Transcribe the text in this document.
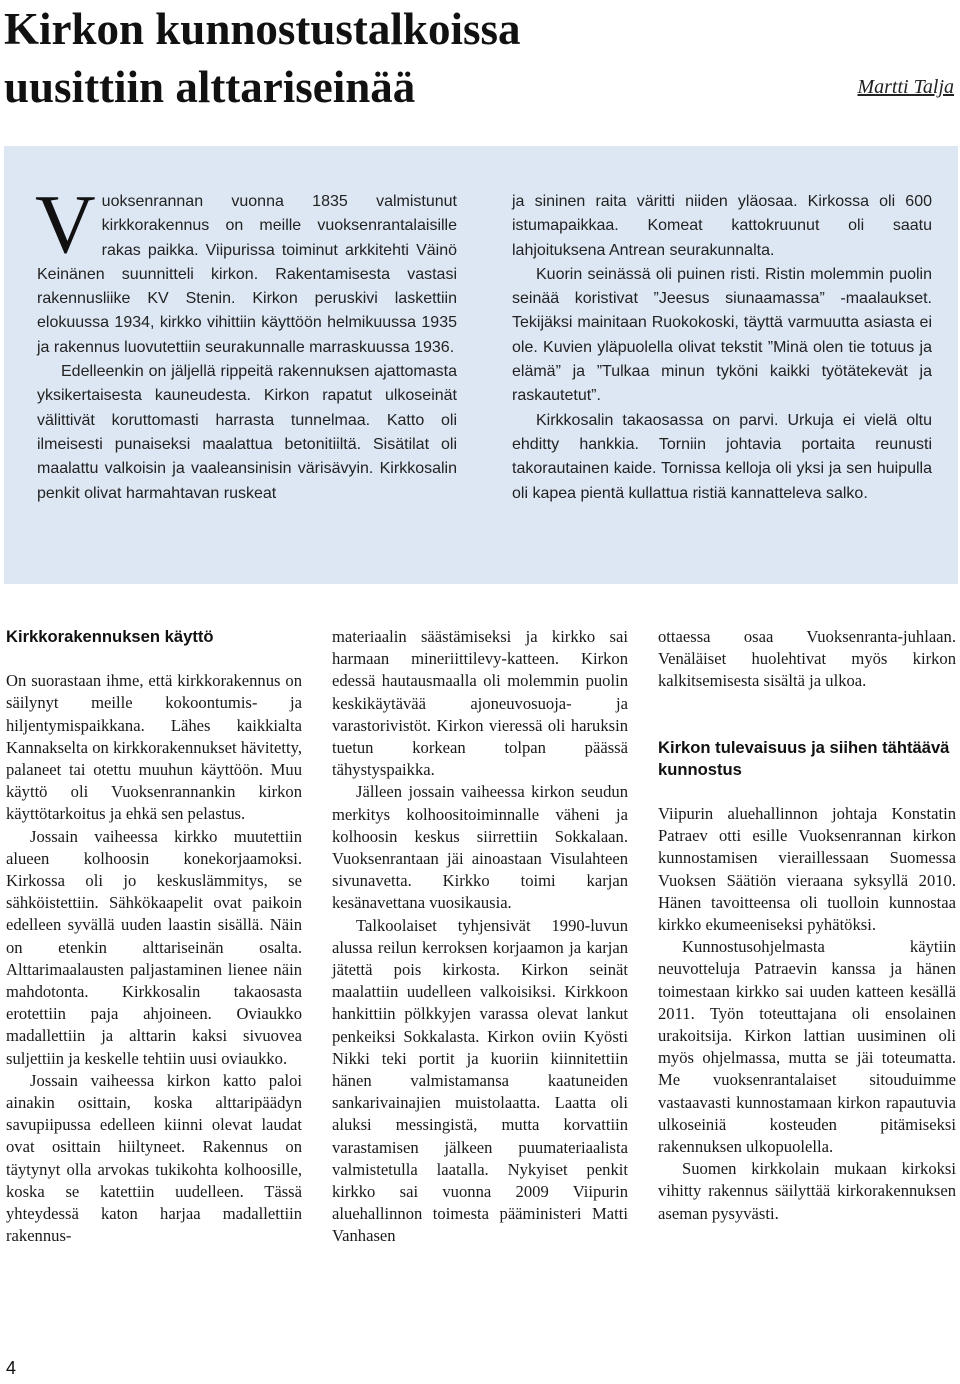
Kirkon kunnostustalkoissa
uusittiin alttariseinää	Martti Talja

Vuoksenrannan vuonna 1835 valmistunut kirkkorakennus on meille vuoksenrantalaisille rakas paikka. Viipurissa toiminut arkkitehti Väinö Keinänen suunnitteli kirkon. Rakentamisesta vastasi rakennusliike KV Stenin. Kirkon peruskivi laskettiin elokuussa 1934, kirkko vihittiin käyttöön helmikuussa 1935 ja rakennus luovutettiin seurakunnalle marraskuussa 1936.

Edelleenkin on jäljellä rippeitä rakennuksen ajattomasta yksikertaisesta kauneudesta. Kirkon rapatut ulkoseinät välittivät koruttomasti harrasta tunnelmaa. Katto oli ilmeisesti punaiseksi maalattua betonitiiltä. Sisätilat oli maalattu valkoisin ja vaaleansinisin värisävyin. Kirkkosalin penkit olivat harmahtavan ruskeat

ja sininen raita väritti niiden yläosaa. Kirkossa oli 600 istumapaikkaa. Komeat kattokruunut oli saatu lahjoituksena Antrean seurakunnalta.

Kuorin seinässä oli puinen risti. Ristin molemmin puolin seinää koristivat ”Jeesus siunaamassa” -maalaukset. Tekijäksi mainitaan Ruokokoski, täyttä varmuutta asiasta ei ole. Kuvien yläpuolella olivat tekstit ”Minä olen tie totuus ja elämä” ja ”Tulkaa minun tyköni kaikki työtätekevät ja raskautetut”.

Kirkkosalin takaosassa on parvi. Urkuja ei vielä oltu ehditty hankkia. Torniin johtavia portaita reunusti takorautainen kaide. Tornissa kelloja oli yksi ja sen huipulla oli kapea pientä kullattua ristiä kannatteleva salko.

Kirkkorakennuksen käyttö

On suorastaan ihme, että kirkkorakennus on säilynyt meille kokoontumis- ja hiljentymispaikkana. Lähes kaikkialta Kannakselta on kirkkorakennukset hävitetty, palaneet tai otettu muuhun käyttöön. Muu käyttö oli Vuoksenrannankin kirkon käyttötarkoitus ja ehkä sen pelastus.

Jossain vaiheessa kirkko muutettiin alueen kolhoosin konekorjaamoksi. Kirkossa oli jo keskuslämmitys, se sähköistettiin. Sähkökaapelit ovat paikoin edelleen syvällä uuden laastin sisällä. Näin on etenkin alttariseinän osalta. Alttarimaalausten paljastaminen lienee näin mahdotonta. Kirkkosalin takaosasta erotettiin paja ahjoineen. Oviaukko madallettiin ja alttarin kaksi sivuovea suljettiin ja keskelle tehtiin uusi oviaukko.

Jossain vaiheessa kirkon katto paloi ainakin osittain, koska alttaripäädyn savupiipussa edelleen kiinni olevat laudat ovat osittain hiiltyneet. Rakennus on täytynyt olla arvokas tukikohta kolhoosille, koska se katettiin uudelleen. Tässä yhteydessä katon harjaa madallettiin rakennus-

materiaalin säästämiseksi ja kirkko sai harmaan mineriittilevy-katteen. Kirkon edessä hautausmaalla oli molemmin puolin keskikäytävää ajoneuvosuoja- ja varastorivistöt. Kirkon vieressä oli haruksin tuetun korkean tolpan päässä tähystyspaikka.

Jälleen jossain vaiheessa kirkon seudun merkitys kolhoositoiminnalle väheni ja kolhoosin keskus siirrettiin Sokkalaan. Vuoksenrantaan jäi ainoastaan Visulahteen sivunavetta. Kirkko toimi karjan kesänavettana vuosikausia.

Talkoolaiset tyhjensivät 1990-luvun alussa reilun kerroksen korjaamon ja karjan jätettä pois kirkosta. Kirkon seinät maalattiin uudelleen valkoisiksi. Kirkkoon hankittiin pölkkyjen varassa olevat lankut penkeiksi Sokkalasta. Kirkon oviin Kyösti Nikki teki portit ja kuoriin kiinnitettiin hänen valmistamansa kaatuneiden sankarivainajien muistolaatta. Laatta oli aluksi messingistä, mutta korvattiin varastamisen jälkeen puumateriaalista valmistetulla laatalla. Nykyiset penkit kirkko sai vuonna 2009 Viipurin aluehallinnon toimesta pääministeri Matti Vanhasen

ottaessa osaa Vuoksenranta-juhlaan. Venäläiset huolehtivat myös kirkon kalkitsemisesta sisältä ja ulkoa.

Kirkon tulevaisuus ja siihen tähtäävä kunnostus

Viipurin aluehallinnon johtaja Konstatin Patraev otti esille Vuoksenrannan kirkon kunnostamisen vieraillessaan Suomessa Vuoksen Säätiön vieraana syksyllä 2010. Hänen tavoitteensa oli tuolloin kunnostaa kirkko ekumeeniseksi pyhätöksi.

Kunnostusohjelmasta käytiin neuvotteluja Patraevin kanssa ja hänen toimestaan kirkko sai uuden katteen kesällä 2011. Työn toteuttajana oli ensolainen urakoitsija. Kirkon lattian uusiminen oli myös ohjelmassa, mutta se jäi toteumatta. Me vuoksenrantalaiset sitouduimme vastaavasti kunnostamaan kirkon rapautuvia ulkoseiniä kosteuden pitämiseksi rakennuksen ulkopuolella.

Suomen kirkkolain mukaan kirkoksi vihitty rakennus säilyttää kirkorakennuksen aseman pysyvästi.

4
